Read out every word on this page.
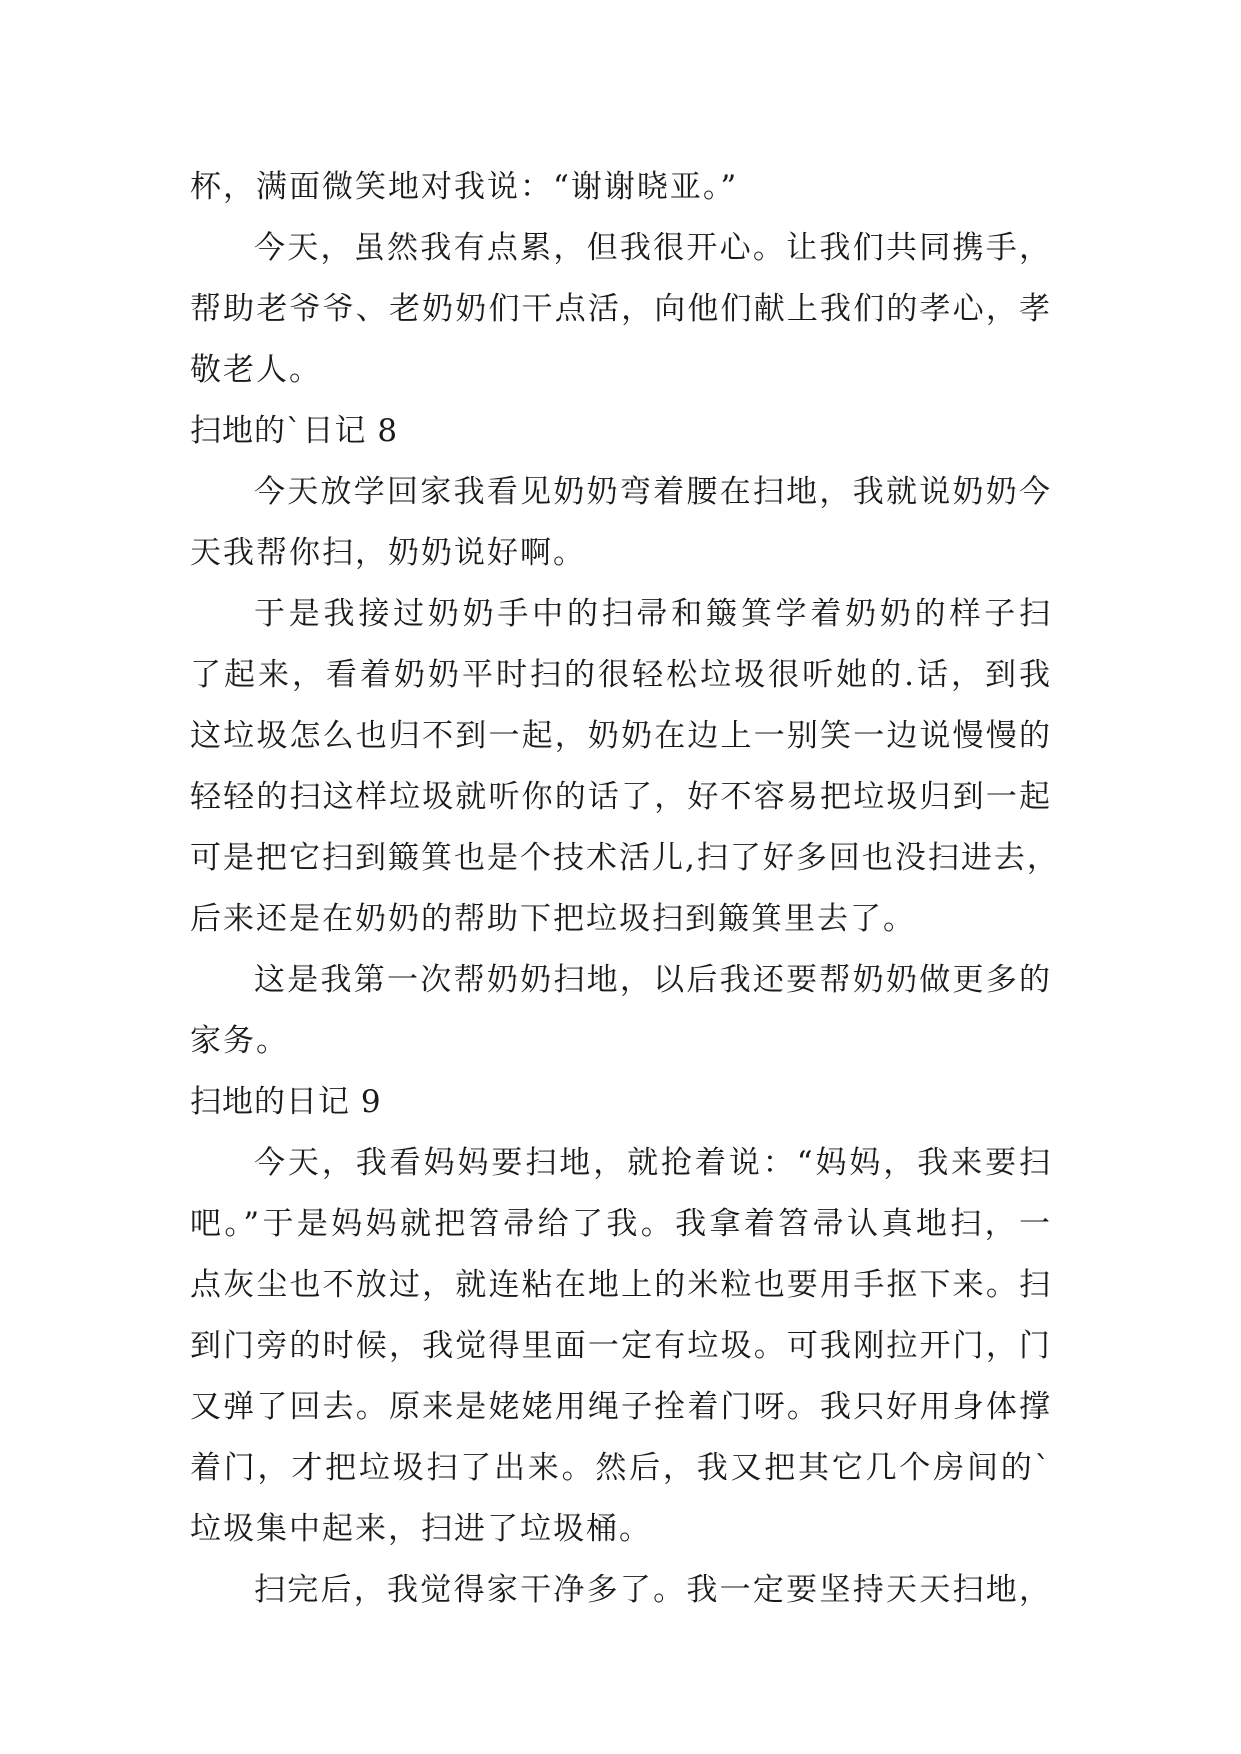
杯，满面微笑地对我说：“谢谢晓亚。”
今天，虽然我有点累，但我很开心。让我们共同携手，
帮助老爷爷、老奶奶们干点活，向他们献上我们的孝心，孝
敬老人。
扫地的`日记 8
今天放学回家我看见奶奶弯着腰在扫地，我就说奶奶今
天我帮你扫，奶奶说好啊。
于是我接过奶奶手中的扫帚和簸箕学着奶奶的样子扫
了起来，看着奶奶平时扫的很轻松垃圾很听她的.话，到我
这垃圾怎么也归不到一起，奶奶在边上一别笑一边说慢慢的
轻轻的扫这样垃圾就听你的话了，好不容易把垃圾归到一起
可是把它扫到簸箕也是个技术活儿,扫了好多回也没扫进去，
后来还是在奶奶的帮助下把垃圾扫到簸箕里去了。
这是我第一次帮奶奶扫地，以后我还要帮奶奶做更多的
家务。
扫地的日记 9
今天，我看妈妈要扫地，就抢着说：“妈妈，我来要扫
吧。”于是妈妈就把笤帚给了我。我拿着笤帚认真地扫，一
点灰尘也不放过，就连粘在地上的米粒也要用手抠下来。扫
到门旁的时候，我觉得里面一定有垃圾。可我刚拉开门，门
又弹了回去。原来是姥姥用绳子拴着门呀。我只好用身体撑
着门，才把垃圾扫了出来。然后，我又把其它几个房间的`
垃圾集中起来，扫进了垃圾桶。
扫完后，我觉得家干净多了。我一定要坚持天天扫地，
